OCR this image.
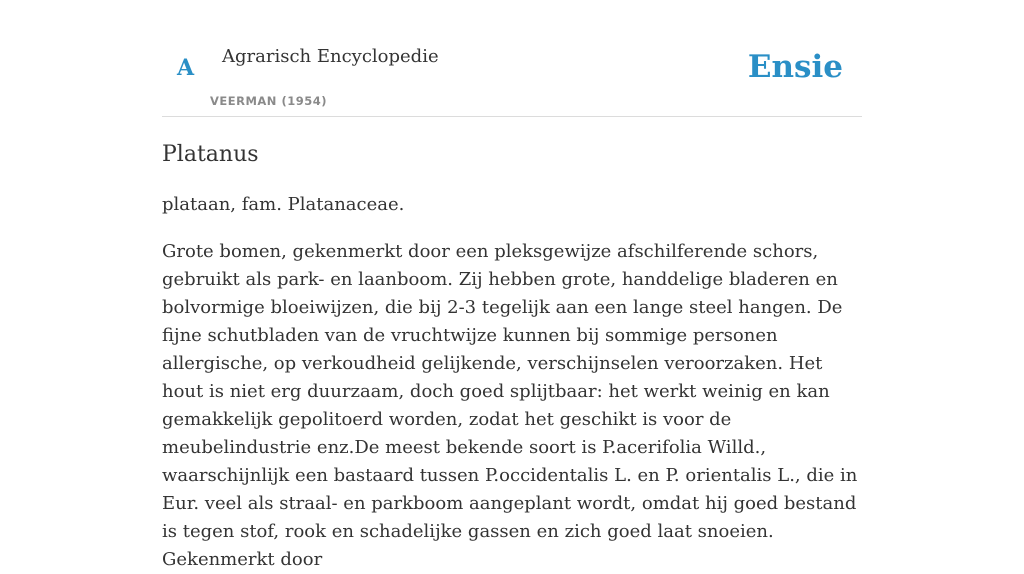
A Agrarisch Encyclopedie
VEERMAN (1954)
Ensie
Platanus

plataan, fam. Platanaceae.

Grote bomen, gekenmerkt door een pleksgewijze afschilferende schors, gebruikt als park- en laanboom. Zij hebben grote, handdelige bladeren en bolvormige bloeiwijzen, die bij 2-3 tegelijk aan een lange steel hangen. De fijne schutbladen van de vruchtwijze kunnen bij sommige personen allergische, op verkoudheid gelijkende, verschijnselen veroorzaken. Het hout is niet erg duurzaam, doch goed splijtbaar: het werkt weinig en kan gemakkelijk gepolitoerd worden, zodat het geschikt is voor de meubelindustrie enz.De meest bekende soort is P.acerifolia Willd., waarschijnlijk een bastaard tussen P.occidentalis L. en P. orientalis L., die in Eur. veel als straal- en parkboom aangeplant wordt, omdat hij goed bestand is tegen stof, rook en schadelijke gassen en zich goed laat snoeien. Gekenmerkt door
